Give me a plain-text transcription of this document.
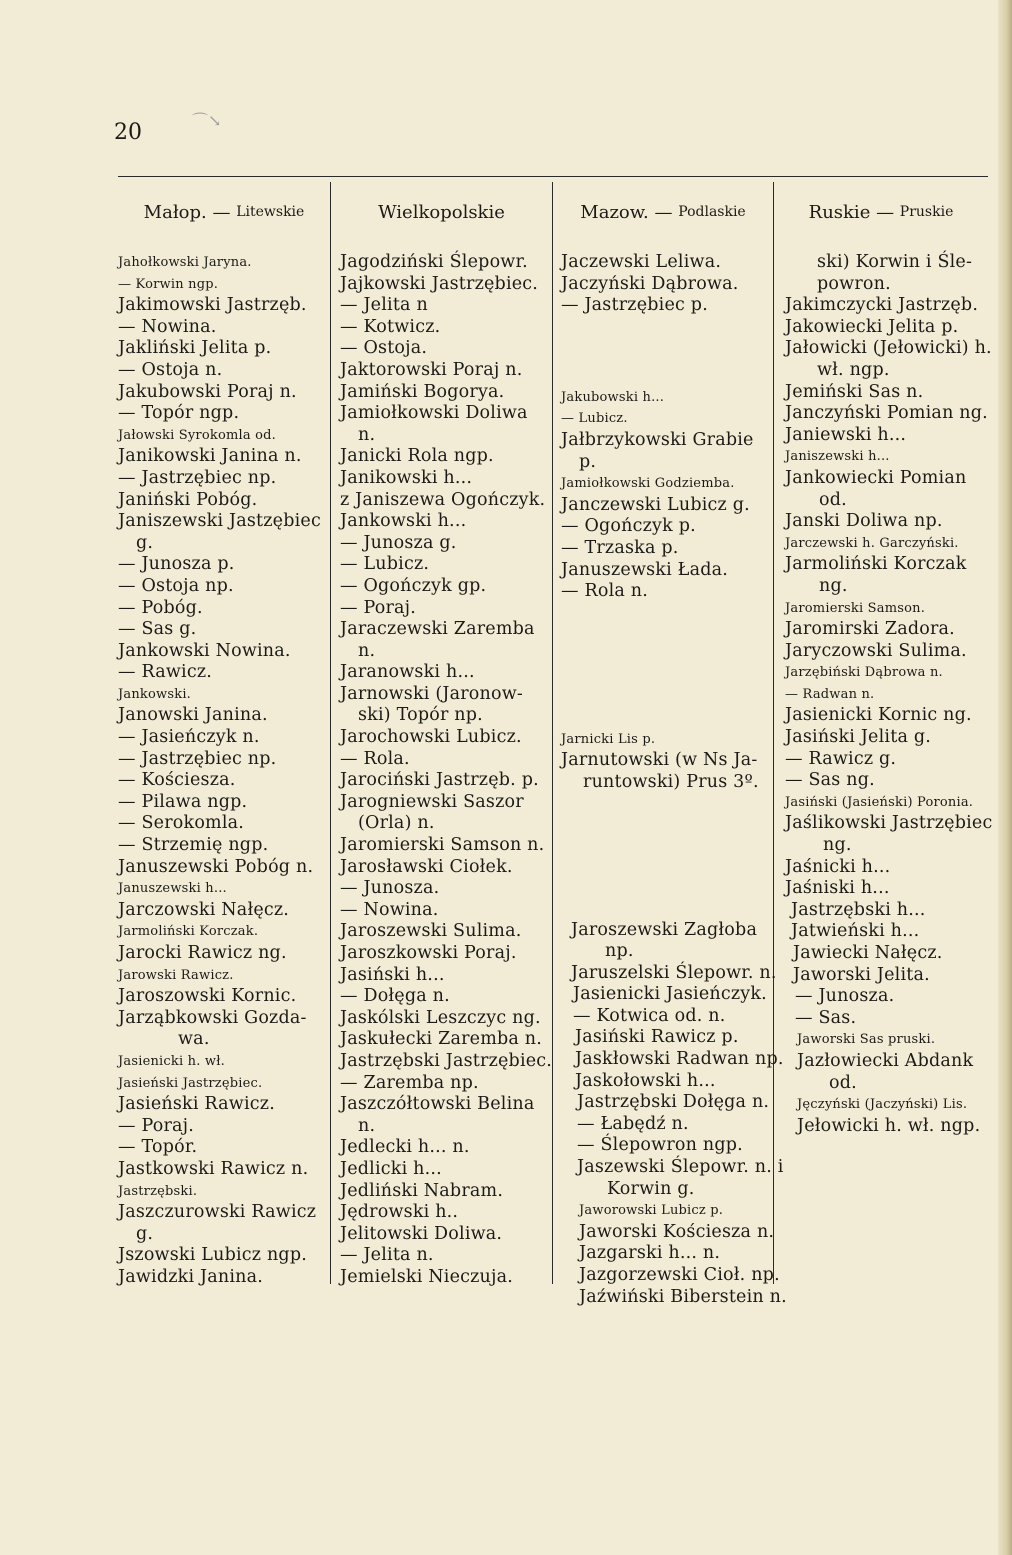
20	⌒↘
Małop. — Litewskie	Wielkopolskie	Mazow. — Podlaskie	Ruskie — Pruskie
Jahołkowski Jaryna.
— Korwin ngp.
Jakimowski Jastrzęb.
— Nowina.
Jakliński Jelita p.
— Ostoja n.
Jakubowski Poraj n.
— Topór ngp.
Jałowski Syrokomla od.
Janikowski Janina n.
— Jastrzębiec np.
Janiński Pobóg.
Janiszewski Jastzębiec
g.
— Junosza p.
— Ostoja np.
— Pobóg.
— Sas g.
Jankowski Nowina.
— Rawicz.
Jankowski.
Janowski Janina.
— Jasieńczyk n.
— Jastrzębiec np.
— Kościesza.
— Pilawa ngp.
— Serokomla.
— Strzemię ngp.
Januszewski Pobóg n.
Januszewski h...
Jarczowski Nałęcz.
Jarmoliński Korczak.
Jarocki Rawicz ng.
Jarowski Rawicz.
Jaroszowski Kornic.
Jarząbkowski Gozda-
wa.
Jasienicki h. wł.
Jasieński Jastrzębiec.
Jasieński Rawicz.
— Poraj.
— Topór.
Jastkowski Rawicz n.
Jastrzębski.
Jaszczurowski Rawicz
g.
Jszowski Lubicz ngp.
Jawidzki Janina.
Jagodziński Ślepowr.
Jajkowski Jastrzębiec.
— Jelita n
— Kotwicz.
— Ostoja.
Jaktorowski Poraj n.
Jamiński Bogorya.
Jamiołkowski Doliwa
n.
Janicki Rola ngp.
Janikowski h...
z Janiszewa Ogończyk.
Jankowski h...
— Junosza g.
— Lubicz.
— Ogończyk gp.
— Poraj.
Jaraczewski Zaremba
n.
Jaranowski h...
Jarnowski (Jaronow-
ski) Topór np.
Jarochowski Lubicz.
— Rola.
Jarociński Jastrzęb. p.
Jarogniewski Saszor
(Orla) n.
Jaromierski Samson n.
Jarosławski Ciołek.
— Junosza.
— Nowina.
Jaroszewski Sulima.
Jaroszkowski Poraj.
Jasiński h...
— Dołęga n.
Jaskólski Leszczyc ng.
Jaskułecki Zaremba n.
Jastrzębski Jastrzębiec.
— Zaremba np.
Jaszczółtowski Belina
n.
Jedlecki h... n.
Jedlicki h...
Jedliński Nabram.
Jędrowski h..
Jelitowski Doliwa.
— Jelita n.
Jemielski Nieczuja.
Jaczewski Leliwa.
Jaczyński Dąbrowa.
— Jastrzębiec p.
Jakubowski h...
— Lubicz.
Jałbrzykowski Grabie
p.
Jamiołkowski Godziemba.
Janczewski Lubicz g.
— Ogończyk p.
— Trzaska p.
Januszewski Łada.
— Rola n.
Jarnicki Lis p.
Jarnutowski (w Ns Ja-
runtowski) Prus 3º.
Jaroszewski Zagłoba
np.
Jaruszelski Ślepowr. n.
Jasienicki Jasieńczyk.
— Kotwica od. n.
Jasiński Rawicz p.
Jaskłowski Radwan np.
Jaskołowski h...
Jastrzębski Dołęga n.
— Łabędź n.
— Ślepowron ngp.
Jaszewski Ślepowr. n. i
Korwin g.
Jaworowski Lubicz p.
Jaworski Kościesza n.
Jazgarski h... n.
Jazgorzewski Cioł. np.
Jaźwiński Biberstein n.
ski) Korwin i Śle-
powron.
Jakimczycki Jastrzęb.
Jakowiecki Jelita p.
Jałowicki (Jełowicki) h.
wł. ngp.
Jemiński Sas n.
Janczyński Pomian ng.
Janiewski h...
Janiszewski h...
Jankowiecki Pomian
od.
Janski Doliwa np.
Jarczewski h. Garczyński.
Jarmoliński Korczak
ng.
Jaromierski Samson.
Jaromirski Zadora.
Jaryczowski Sulima.
Jarzębiński Dąbrowa n.
— Radwan n.
Jasienicki Kornic ng.
Jasiński Jelita g.
— Rawicz g.
— Sas ng.
Jasiński (Jasieński) Poronia.
Jaślikowski Jastrzębiec
ng.
Jaśnicki h...
Jaśniski h...
Jastrzębski h...
Jatwieński h...
Jawiecki Nałęcz.
Jaworski Jelita.
— Junosza.
— Sas.
Jaworski Sas pruski.
Jazłowiecki Abdank
od.
Jęczyński (Jaczyński) Lis.
Jełowicki h. wł. ngp.
